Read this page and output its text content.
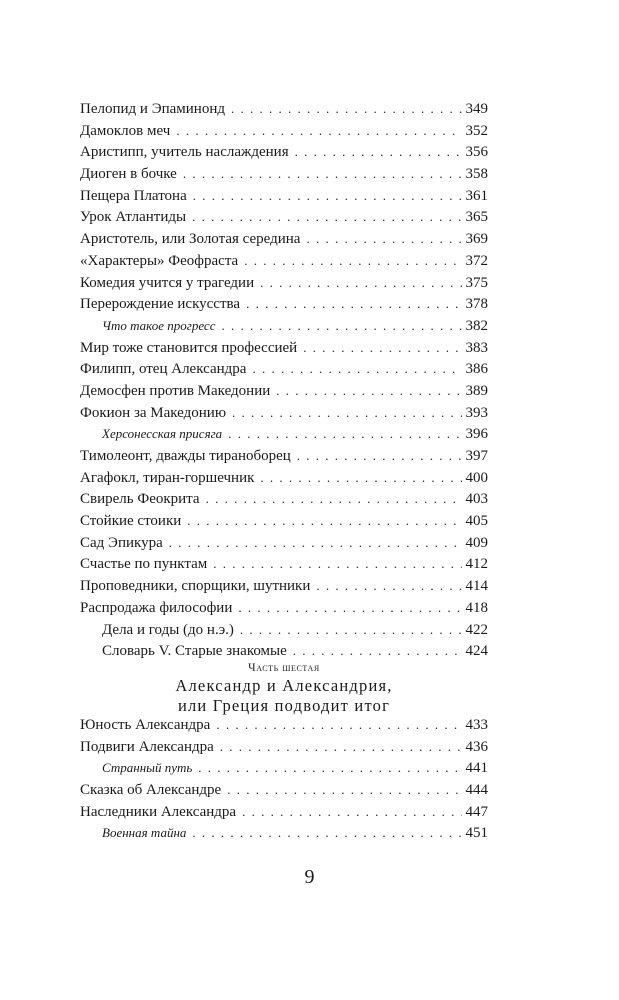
Пелопид и Эпаминонд . . .	349
Дамоклов меч . . .	352
Аристипп, учитель наслаждения . . .	356
Диоген в бочке . . .	358
Пещера Платона . . .	361
Урок Атлантиды . . .	365
Аристотель, или Золотая середина . . .	369
«Характеры» Феофраста . . .	372
Комедия учится у трагедии . . .	375
Перерождение искусства . . .	378
Что такое прогресс . . .	382
Мир тоже становится профессией . . .	383
Филипп, отец Александра . . .	386
Демосфен против Македонии . . .	389
Фокион за Македонию . . .	393
Херсонесская присяга . . .	396
Тимолеонт, дважды тираноборец . . .	397
Агафокл, тиран-горшечник . . .	400
Свирель Феокрита . . .	403
Стойкие стоики . . .	405
Сад Эпикура . . .	409
Счастье по пунктам . . .	412
Проповедники, спорщики, шутники . . .	414
Распродажа философии . . .	418
Дела и годы (до н.э.) . . .	422
Словарь V. Старые знакомые . . .	424
Часть шестая
Александр и Александрия,
или Греция подводит итог
Юность Александра . . .	433
Подвиги Александра . . .	436
Странный путь . . .	441
Сказка об Александре . . .	444
Наследники Александра . . .	447
Военная тайна . . .	451
9
